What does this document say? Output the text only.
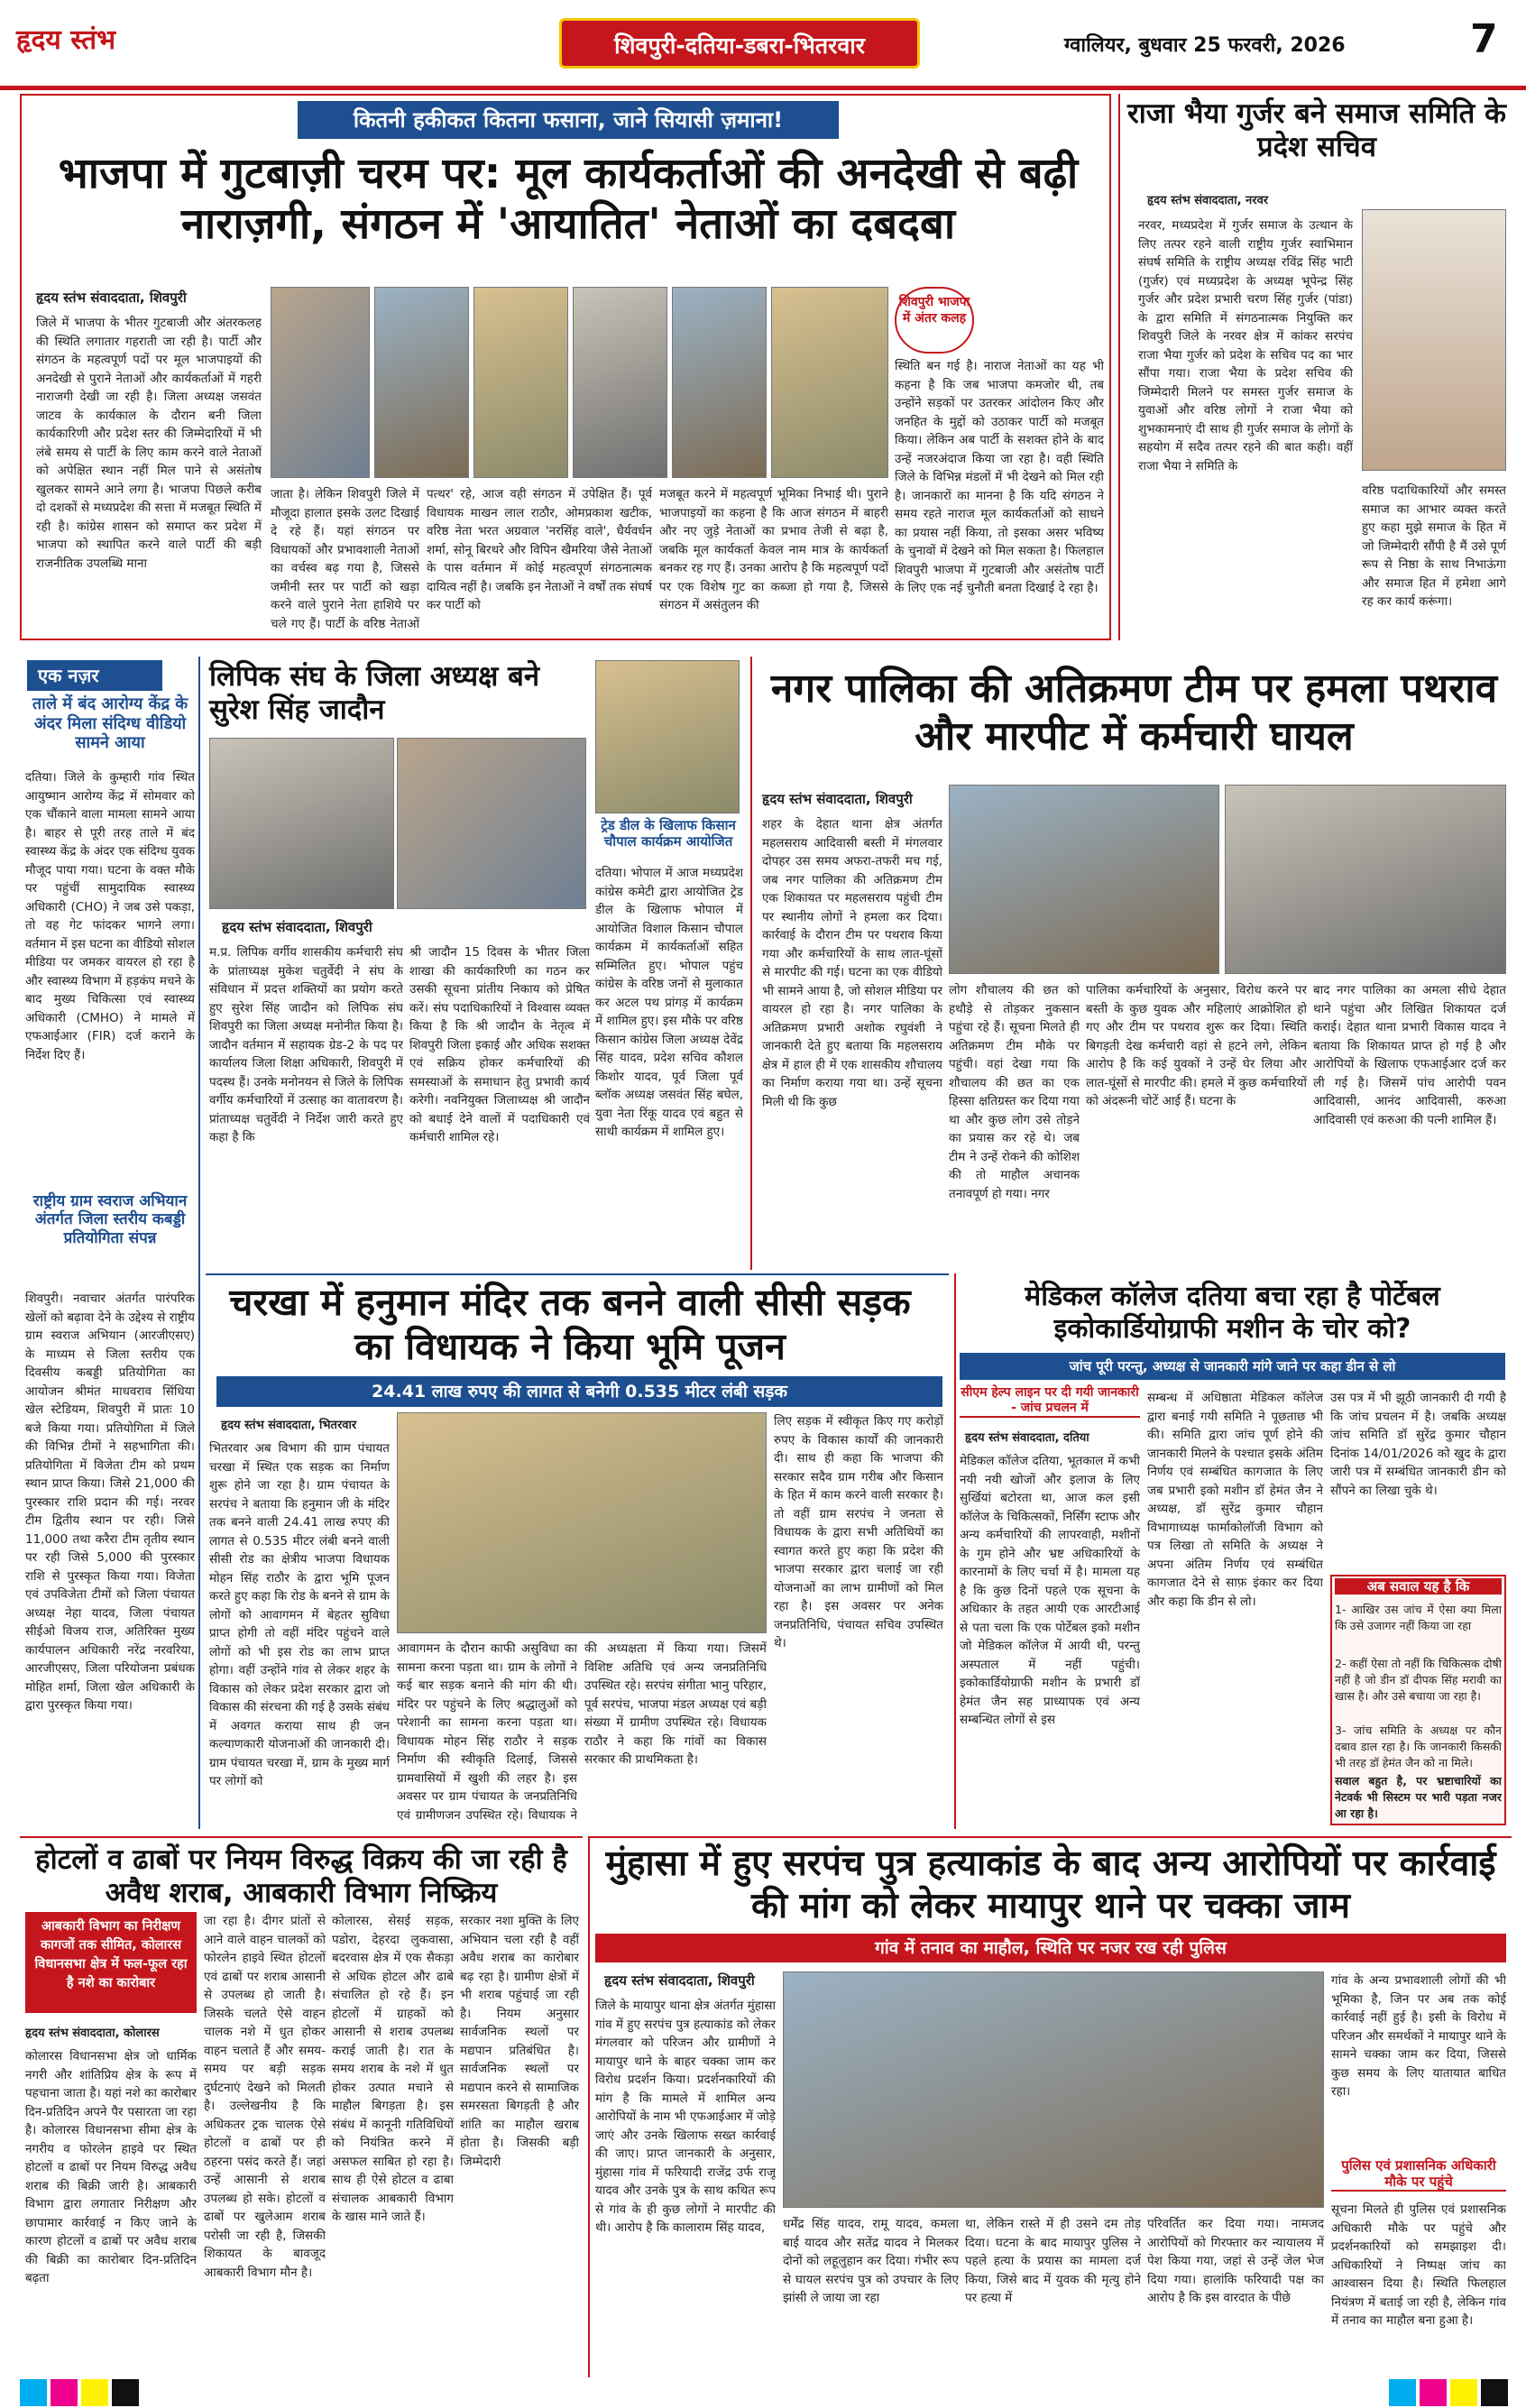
हृदय स्तंभ	शिवपुरी-दतिया-डबरा-भितरवार	ग्वालियर, बुधवार 25 फरवरी, 2026	7
कितनी हकीकत कितना फसाना, जाने सियासी ज़माना!
भाजपा में गुटबाज़ी चरम पर: मूल कार्यकर्ताओं की अनदेखी से बढ़ी नाराज़गी, संगठन में 'आयातित' नेताओं का दबदबा
हृदय स्तंभ संवाददाता, शिवपुरी
जिले में भाजपा के भीतर गुटबाजी और अंतरकलह की स्थिति लगातार गहराती जा रही है। पार्टी और संगठन के महत्वपूर्ण पदों पर मूल भाजपाइयों की अनदेखी से पुराने नेताओं और कार्यकर्ताओं में गहरी नाराजगी देखी जा रही है। जिला अध्यक्ष जसवंत जाटव के कार्यकाल के दौरान बनी जिला कार्यकारिणी और प्रदेश स्तर की जिम्मेदारियों में भी लंबे समय से पार्टी के लिए काम करने वाले नेताओं को अपेक्षित स्थान नहीं मिल पाने से असंतोष खुलकर सामने आने लगा है। भाजपा पिछले करीब दो दशकों से मध्यप्रदेश की सत्ता में मजबूत स्थिति में रही है। कांग्रेस शासन को समाप्त कर प्रदेश में भाजपा को स्थापित करने वाले पार्टी की बड़ी राजनीतिक उपलब्धि माना
जाता है। लेकिन शिवपुरी जिले में मौजूदा हालात इसके उलट दिखाई दे रहे हैं। यहां संगठन पर विधायकों और प्रभावशाली नेताओं का वर्चस्व बढ़ गया है, जिससे जमीनी स्तर पर पार्टी को खड़ा करने वाले पुराने नेता हाशिये पर चले गए हैं। पार्टी के वरिष्ठ नेताओं
पत्थर' रहे, आज वही संगठन में उपेक्षित हैं। पूर्व विधायक माखन लाल राठौर, ओमप्रकाश खटीक, वरिष्ठ नेता भरत अग्रवाल 'नरसिंह वाले', धैर्यवर्धन शर्मा, सोनू बिरथरे और विपिन खैमरिया जैसे नेताओं के पास वर्तमान में कोई महत्वपूर्ण संगठनात्मक दायित्व नहीं है। जबकि इन नेताओं ने वर्षों तक संघर्ष कर पार्टी को
मजबूत करने में महत्वपूर्ण भूमिका निभाई थी। पुराने भाजपाइयों का कहना है कि आज संगठन में बाहरी और नए जुड़े नेताओं का प्रभाव तेजी से बढ़ा है, जबकि मूल कार्यकर्ता केवल नाम मात्र के कार्यकर्ता बनकर रह गए हैं। उनका आरोप है कि महत्वपूर्ण पदों पर एक विशेष गुट का कब्जा हो गया है, जिससे संगठन में असंतुलन की
शिवपुरी भाजपा में अंतर कलह
स्थिति बन गई है। नाराज नेताओं का यह भी कहना है कि जब भाजपा कमजोर थी, तब उन्होंने सड़कों पर उतरकर आंदोलन किए और जनहित के मुद्दों को उठाकर पार्टी को मजबूत किया। लेकिन अब पार्टी के सशक्त होने के बाद उन्हें नजरअंदाज किया जा रहा है। वही स्थिति जिले के विभिन्न मंडलों में भी देखने को मिल रही है। जानकारों का मानना है कि यदि संगठन ने समय रहते नाराज मूल कार्यकर्ताओं को साधने का प्रयास नहीं किया, तो इसका असर भविष्य के चुनावों में देखने को मिल सकता है। फिलहाल शिवपुरी भाजपा में गुटबाजी और असंतोष पार्टी के लिए एक नई चुनौती बनता दिखाई दे रहा है।
राजा भैया गुर्जर बने समाज समिति के प्रदेश सचिव
हृदय स्तंभ संवाददाता, नरवर
नरवर, मध्यप्रदेश में गुर्जर समाज के उत्थान के लिए तत्पर रहने वाली राष्ट्रीय गुर्जर स्वाभिमान संघर्ष समिति के राष्ट्रीय अध्यक्ष रविंद्र सिंह भाटी (गुर्जर) एवं मध्यप्रदेश के अध्यक्ष भूपेन्द्र सिंह गुर्जर और प्रदेश प्रभारी चरण सिंह गुर्जर (पांडा) के द्वारा समिति में संगठनात्मक नियुक्ति कर शिवपुरी जिले के नरवर क्षेत्र में कांकर सरपंच राजा भैया गुर्जर को प्रदेश के सचिव पद का भार सौंपा गया। राजा भैया के प्रदेश सचिव की जिम्मेदारी मिलने पर समस्त गुर्जर समाज के युवाओं और वरिष्ठ लोगों ने राजा भैया को शुभकामनाएं दी साथ ही गुर्जर समाज के लोगों के सहयोग में सदैव तत्पर रहने की बात कही। वहीं राजा भैया ने समिति के
वरिष्ठ पदाधिकारियों और समस्त समाज का आभार व्यक्त करते हुए कहा मुझे समाज के हित में जो जिम्मेदारी सौंपी है मैं उसे पूर्ण रूप से निष्ठा के साथ निभाऊंगा और समाज हित में हमेशा आगे रह कर कार्य करूंगा।
एक नज़र
ताले में बंद आरोग्य केंद्र के अंदर मिला संदिग्ध वीडियो सामने आया
दतिया। जिले के कुम्हारी गांव स्थित आयुष्मान आरोग्य केंद्र में सोमवार को एक चौंकाने वाला मामला सामने आया है। बाहर से पूरी तरह ताले में बंद स्वास्थ्य केंद्र के अंदर एक संदिग्ध युवक मौजूद पाया गया। घटना के वक्त मौके पर पहुंचीं सामुदायिक स्वास्थ्य अधिकारी (CHO) ने जब उसे पकड़ा, तो वह गेट फांदकर भागने लगा। वर्तमान में इस घटना का वीडियो सोशल मीडिया पर जमकर वायरल हो रहा है और स्वास्थ्य विभाग में हड़कंप मचने के बाद मुख्य चिकित्सा एवं स्वास्थ्य अधिकारी (CMHO) ने मामले में एफआईआर (FIR) दर्ज कराने के निर्देश दिए हैं।
राष्ट्रीय ग्राम स्वराज अभियान अंतर्गत जिला स्तरीय कबड्डी प्रतियोगिता संपन्न
शिवपुरी। नवाचार अंतर्गत पारंपरिक खेलों को बढ़ावा देने के उद्देश्य से राष्ट्रीय ग्राम स्वराज अभियान (आरजीएसए) के माध्यम से जिला स्तरीय एक दिवसीय कबड्डी प्रतियोगिता का आयोजन श्रीमंत माधवराव सिंधिया खेल स्टेडियम, शिवपुरी में प्रातः 10 बजे किया गया। प्रतियोगिता में जिले की विभिन्न टीमों ने सहभागिता की। प्रतियोगिता में विजेता टीम को प्रथम स्थान प्राप्त किया। जिसे 21,000 की पुरस्कार राशि प्रदान की गई। नरवर टीम द्वितीय स्थान पर रही। जिसे 11,000 तथा करैरा टीम तृतीय स्थान पर रही जिसे 5,000 की पुरस्कार राशि से पुरस्कृत किया गया। विजेता एवं उपविजेता टीमों को जिला पंचायत अध्यक्ष नेहा यादव, जिला पंचायत सीईओ विजय राज, अतिरिक्त मुख्य कार्यपालन अधिकारी नरेंद्र नरवरिया, आरजीएसए, जिला परियोजना प्रबंधक मोहित शर्मा, जिला खेल अधिकारी के द्वारा पुरस्कृत किया गया।
लिपिक संघ के जिला अध्यक्ष बने सुरेश सिंह जादौन
हृदय स्तंभ संवाददाता, शिवपुरी
म.प्र. लिपिक वर्गीय शासकीय कर्मचारी संघ के प्रांताध्यक्ष मुकेश चतुर्वेदी ने संघ के संविधान में प्रदत्त शक्तियों का प्रयोग करते हुए सुरेश सिंह जादौन को लिपिक संघ शिवपुरी का जिला अध्यक्ष मनोनीत किया है। जादौन वर्तमान में सहायक ग्रेड-2 के पद पर कार्यालय जिला शिक्षा अधिकारी, शिवपुरी में पदस्थ हैं। उनके मनोनयन से जिले के लिपिक वर्गीय कर्मचारियों में उत्साह का वातावरण है। प्रांताध्यक्ष चतुर्वेदी ने निर्देश जारी करते हुए कहा है कि
श्री जादौन 15 दिवस के भीतर जिला शाखा की कार्यकारिणी का गठन कर उसकी सूचना प्रांतीय निकाय को प्रेषित करें। संघ पदाधिकारियों ने विश्वास व्यक्त किया है कि श्री जादौन के नेतृत्व में शिवपुरी जिला इकाई और अधिक सशक्त एवं सक्रिय होकर कर्मचारियों की समस्याओं के समाधान हेतु प्रभावी कार्य करेगी। नवनियुक्त जिलाध्यक्ष श्री जादौन को बधाई देने वालों में पदाधिकारी एवं कर्मचारी शामिल रहे।
ट्रेड डील के खिलाफ किसान चौपाल कार्यक्रम आयोजित
दतिया। भोपाल में आज मध्यप्रदेश कांग्रेस कमेटी द्वारा आयोजित ट्रेड डील के खिलाफ भोपाल में आयोजित विशाल किसान चौपाल कार्यक्रम में कार्यकर्ताओं सहित सम्मिलित हुए। भोपाल पहुंच कांग्रेस के वरिष्ठ जनों से मुलाकात कर अटल पथ प्रांगड़ में कार्यक्रम में शामिल हुए। इस मौके पर वरिष्ठ किसान कांग्रेस जिला अध्यक्ष देवेंद्र सिंह यादव, प्रदेश सचिव कौशल किशोर यादव, पूर्व जिला पूर्व ब्लॉक अध्यक्ष जसवंत सिंह बघेल, युवा नेता रिंकू यादव एवं बहुत से साथी कार्यक्रम में शामिल हुए।
नगर पालिका की अतिक्रमण टीम पर हमला पथराव और मारपीट में कर्मचारी घायल
हृदय स्तंभ संवाददाता, शिवपुरी
शहर के देहात थाना क्षेत्र अंतर्गत महलसराय आदिवासी बस्ती में मंगलवार दोपहर उस समय अफरा-तफरी मच गई, जब नगर पालिका की अतिक्रमण टीम एक शिकायत पर महलसराय पहुंची टीम पर स्थानीय लोगों ने हमला कर दिया। कार्रवाई के दौरान टीम पर पथराव किया गया और कर्मचारियों के साथ लात-घूंसों से मारपीट की गई। घटना का एक वीडियो भी सामने आया है, जो सोशल मीडिया पर वायरल हो रहा है। नगर पालिका के अतिक्रमण प्रभारी अशोक रघुवंशी ने जानकारी देते हुए बताया कि महलसराय क्षेत्र में हाल ही में एक शासकीय शौचालय का निर्माण कराया गया था। उन्हें सूचना मिली थी कि कुछ
लोग शौचालय की छत को हथौड़े से तोड़कर नुकसान पहुंचा रहे हैं। सूचना मिलते ही अतिक्रमण टीम मौके पर पहुंची। वहां देखा गया कि शौचालय की छत का एक हिस्सा क्षतिग्रस्त कर दिया गया था और कुछ लोग उसे तोड़ने का प्रयास कर रहे थे। जब टीम ने उन्हें रोकने की कोशिश की तो माहौल अचानक तनावपूर्ण हो गया। नगर
पालिका कर्मचारियों के अनुसार, विरोध करने पर बस्ती के कुछ युवक और महिलाएं आक्रोशित हो गए और टीम पर पथराव शुरू कर दिया। स्थिति बिगड़ती देख कर्मचारी वहां से हटने लगे, लेकिन आरोप है कि कई युवकों ने उन्हें घेर लिया और लात-घूंसों से मारपीट की। हमले में कुछ कर्मचारियों को अंदरूनी चोटें आई हैं। घटना के
बाद नगर पालिका का अमला सीधे देहात थाने पहुंचा और लिखित शिकायत दर्ज कराई। देहात थाना प्रभारी विकास यादव ने बताया कि शिकायत प्राप्त हो गई है और आरोपियों के खिलाफ एफआईआर दर्ज कर ली गई है। जिसमें पांच आरोपी पवन आदिवासी, आनंद आदिवासी, करुआ आदिवासी एवं करुआ की पत्नी शामिल हैं।
चरखा में हनुमान मंदिर तक बनने वाली सीसी सड़क का विधायक ने किया भूमि पूजन
24.41 लाख रुपए की लागत से बनेगी 0.535 मीटर लंबी सड़क
हृदय स्तंभ संवाददाता, भितरवार
भितरवार अब विभाग की ग्राम पंचायत चरखा में स्थित एक सड़क का निर्माण शुरू होने जा रहा है। ग्राम पंचायत के सरपंच ने बताया कि हनुमान जी के मंदिर तक बनने वाली 24.41 लाख रुपए की लागत से 0.535 मीटर लंबी बनने वाली सीसी रोड का क्षेत्रीय भाजपा विधायक मोहन सिंह राठौर के द्वारा भूमि पूजन करते हुए कहा कि रोड के बनने से ग्राम के लोगों को आवागमन में बेहतर सुविधा प्राप्त होगी तो वहीं मंदिर पहुंचने वाले लोगों को भी इस रोड का लाभ प्राप्त होगा। वहीं उन्होंने गांव से लेकर शहर के विकास को लेकर प्रदेश सरकार द्वारा जो विकास की संरचना की गई है उसके संबंध में अवगत कराया साथ ही जन कल्याणकारी योजनाओं की जानकारी दी। ग्राम पंचायत चरखा में, ग्राम के मुख्य मार्ग पर लोगों को
आवागमन के दौरान काफी असुविधा का सामना करना पड़ता था। ग्राम के लोगों ने कई बार सड़क बनाने की मांग की थी। मंदिर पर पहुंचने के लिए श्रद्धालुओं को परेशानी का सामना करना पड़ता था। विधायक मोहन सिंह राठौर ने सड़क निर्माण की स्वीकृति दिलाई, जिससे ग्रामवासियों में खुशी की लहर है। इस अवसर पर ग्राम पंचायत के जनप्रतिनिधि एवं ग्रामीणजन उपस्थित रहे। विधायक ने
की अध्यक्षता में किया गया। जिसमें विशिष्ट अतिथि एवं अन्य जनप्रतिनिधि उपस्थित रहे। सरपंच संगीता भानु परिहार, पूर्व सरपंच, भाजपा मंडल अध्यक्ष एवं बड़ी संख्या में ग्रामीण उपस्थित रहे। विधायक राठौर ने कहा कि गांवों का विकास सरकार की प्राथमिकता है।
लिए सड़क में स्वीकृत किए गए करोड़ों रुपए के विकास कार्यों की जानकारी दी। साथ ही कहा कि भाजपा की सरकार सदैव ग्राम गरीब और किसान के हित में काम करने वाली सरकार है। तो वहीं ग्राम सरपंच ने जनता से विधायक के द्वारा सभी अतिथियों का स्वागत करते हुए कहा कि प्रदेश की भाजपा सरकार द्वारा चलाई जा रही योजनाओं का लाभ ग्रामीणों को मिल रहा है। इस अवसर पर अनेक जनप्रतिनिधि, पंचायत सचिव उपस्थित थे।
मेडिकल कॉलेज दतिया बचा रहा है पोर्टेबल इकोकार्डियोग्राफी मशीन के चोर को?
जांच पूरी परन्तु, अध्यक्ष से जानकारी मांगे जाने पर कहा डीन से लो
सीएम हेल्प लाइन पर दी गयी जानकारी - जांच प्रचलन में
हृदय स्तंभ संवाददाता, दतिया
मेडिकल कॉलेज दतिया, भूतकाल में कभी नयी नयी खोजों और इलाज के लिए सुर्खियां बटोरता था, आज कल इसी कॉलेज के चिकित्सकों, निर्सिंग स्टाफ और अन्य कर्मचारियों की लापरवाही, मशीनों के गुम होने और भ्रष्ट अधिकारियों के कारनामों के लिए चर्चा में है। मामला यह है कि कुछ दिनों पहले एक सूचना के अधिकार के तहत आयी एक आरटीआई से पता चला कि एक पोर्टेबल इको मशीन जो मेडिकल कॉलेज में आयी थी, परन्तु अस्पताल में नहीं पहुंची। इकोकार्डियोग्राफी मशीन के प्रभारी डॉ हेमंत जैन सह प्राध्यापक एवं अन्य सम्बन्धित लोगों से इस
सम्बन्ध में अधिष्ठाता मेडिकल कॉलेज द्वारा बनाई गयी समिति ने पूछताछ भी की। समिति द्वारा जांच पूर्ण होने की जानकारी मिलने के पश्चात इसके अंतिम निर्णय एवं सम्बंधित कागजात के लिए जब प्रभारी इको मशीन डॉ हेमंत जैन ने अध्यक्ष, डॉ सुरेंद्र कुमार चौहान विभागाध्यक्ष फार्माकोलॉजी विभाग को पत्र लिखा तो समिति के अध्यक्ष ने अपना अंतिम निर्णय एवं सम्बंधित कागजात देने से साफ़ इंकार कर दिया और कहा कि डीन से लो।
उस पत्र में भी झूठी जानकारी दी गयी है कि जांच प्रचलन में है। जबकि अध्यक्ष जांच समिति डॉ सुरेंद्र कुमार चौहान दिनांक 14/01/2026 को खुद के द्वारा जारी पत्र में सम्बंधित जानकारी डीन को सौंपने का लिखा चुके थे।
अब सवाल यह है कि
1- आखिर उस जांच में ऐसा क्या मिला कि उसे उजागर नहीं किया जा रहा
2- कहीं ऐसा तो नहीं कि चिकित्सक दोषी नहीं है जो डीन डॉ दीपक सिंह मरावी का खास है। और उसे बचाया जा रहा है।
3- जांच समिति के अध्यक्ष पर कौन दबाव डाल रहा है। कि जानकारी किसकी भी तरह डॉ हेमंत जैन को ना मिले।
सवाल बहुत है, पर भ्रष्टाचारियों का नेटवर्क भी सिस्टम पर भारी पड़ता नजर आ रहा है।
होटलों व ढाबों पर नियम विरुद्ध विक्रय की जा रही है अवैध शराब, आबकारी विभाग निष्क्रिय
आबकारी विभाग का निरीक्षण कागजों तक सीमित, कोलारस विधानसभा क्षेत्र में फल-फूल रहा है नशे का कारोबार
हृदय स्तंभ संवाददाता, कोलारस
कोलारस विधानसभा क्षेत्र जो धार्मिक नगरी और शांतिप्रिय क्षेत्र के रूप में पहचाना जाता है। यहां नशे का कारोबार दिन-प्रतिदिन अपने पैर पसारता जा रहा है। कोलारस विधानसभा सीमा क्षेत्र के नगरीय व फोरलेन हाइवे पर स्थित होटलों व ढाबों पर नियम विरुद्ध अवैध शराब की बिक्री जारी है। आबकारी विभाग द्वारा लगातार निरीक्षण और छापामार कार्रवाई न किए जाने के कारण होटलों व ढाबों पर अवैध शराब की बिक्री का कारोबार दिन-प्रतिदिन बढ़ता
जा रहा है। दीगर प्रांतों से आने वाले वाहन चालकों को फोरलेन हाइवे स्थित होटलों एवं ढाबों पर शराब आसानी से उपलब्ध हो जाती है। जिसके चलते ऐसे वाहन चालक नशे में धुत होकर वाहन चलाते हैं और समय-समय पर बड़ी सड़क दुर्घटनाएं देखने को मिलती है। उल्लेखनीय है कि अधिकतर ट्रक चालक ऐसे होटलों व ढाबों पर ही ठहरना पसंद करते हैं। जहां उन्हें आसानी से शराब उपलब्ध हो सके। होटलों व ढाबों पर खुलेआम शराब परोसी जा रही है, जिसकी शिकायत के बावजूद आबकारी विभाग मौन है।
कोलारस, सेसई सड़क, पडोरा, देहरदा लुकवासा, बदरवास क्षेत्र में एक सैकड़ा से अधिक होटल और ढाबे संचालित हो रहे हैं। इन होटलों में ग्राहकों को आसानी से शराब उपलब्ध कराई जाती है। रात के समय शराब के नशे में धुत होकर उत्पात मचाने से माहौल बिगड़ता है। इस संबंध में कानूनी गतिविधियों को नियंत्रित करने में असफल साबित हो रहा है। साथ ही ऐसे होटल व ढाबा संचालक आबकारी विभाग के खास माने जाते हैं।
सरकार नशा मुक्ति के लिए अभियान चला रही है वहीं अवैध शराब का कारोबार बढ़ रहा है। ग्रामीण क्षेत्रों में भी शराब पहुंचाई जा रही है। नियम अनुसार सार्वजनिक स्थलों पर मद्यपान प्रतिबंधित है। सार्वजनिक स्थलों पर मद्यपान करने से सामाजिक समरसता बिगड़ती है और शांति का माहौल खराब होता है। जिसकी बड़ी जिम्मेदारी
मुंहासा में हुए सरपंच पुत्र हत्याकांड के बाद अन्य आरोपियों पर कार्रवाई की मांग को लेकर मायापुर थाने पर चक्का जाम
गांव में तनाव का माहौल, स्थिति पर नजर रख रही पुलिस
हृदय स्तंभ संवाददाता, शिवपुरी
जिले के मायापुर थाना क्षेत्र अंतर्गत मुंहासा गांव में हुए सरपंच पुत्र हत्याकांड को लेकर मंगलवार को परिजन और ग्रामीणों ने मायापुर थाने के बाहर चक्का जाम कर विरोध प्रदर्शन किया। प्रदर्शनकारियों की मांग है कि मामले में शामिल अन्य आरोपियों के नाम भी एफआईआर में जोड़े जाएं और उनके खिलाफ सख्त कार्रवाई की जाए। प्राप्त जानकारी के अनुसार, मुंहासा गांव में फरियादी राजेंद्र उर्फ राजू यादव और उनके पुत्र के साथ कथित रूप से गांव के ही कुछ लोगों ने मारपीट की थी। आरोप है कि कालाराम सिंह यादव,	धर्मेंद्र सिंह यादव, रामू यादव, कमला बाई यादव और सतेंद्र यादव ने मिलकर दोनों को लहूलुहान कर दिया। गंभीर रूप से घायल सरपंच पुत्र को उपचार के लिए झांसी ले जाया जा रहा
था, लेकिन रास्ते में ही उसने दम तोड़ दिया। घटना के बाद मायापुर पुलिस ने पहले हत्या के प्रयास का मामला दर्ज किया, जिसे बाद में युवक की मृत्यु होने पर हत्या में
परिवर्तित कर दिया गया। नामजद आरोपियों को गिरफ्तार कर न्यायालय में पेश किया गया, जहां से उन्हें जेल भेज दिया गया। हालांकि फरियादी पक्ष का आरोप है कि इस वारदात के पीछे
गांव के अन्य प्रभावशाली लोगों की भी भूमिका है, जिन पर अब तक कोई कार्रवाई नहीं हुई है। इसी के विरोध में परिजन और समर्थकों ने मायापुर थाने के सामने चक्का जाम कर दिया, जिससे कुछ समय के लिए यातायात बाधित रहा।
पुलिस एवं प्रशासनिक अधिकारी मौके पर पहुंचे
सूचना मिलते ही पुलिस एवं प्रशासनिक अधिकारी मौके पर पहुंचे और प्रदर्शनकारियों को समझाइश दी। अधिकारियों ने निष्पक्ष जांच का आश्वासन दिया है। स्थिति फिलहाल नियंत्रण में बताई जा रही है, लेकिन गांव में तनाव का माहौल बना हुआ है।
